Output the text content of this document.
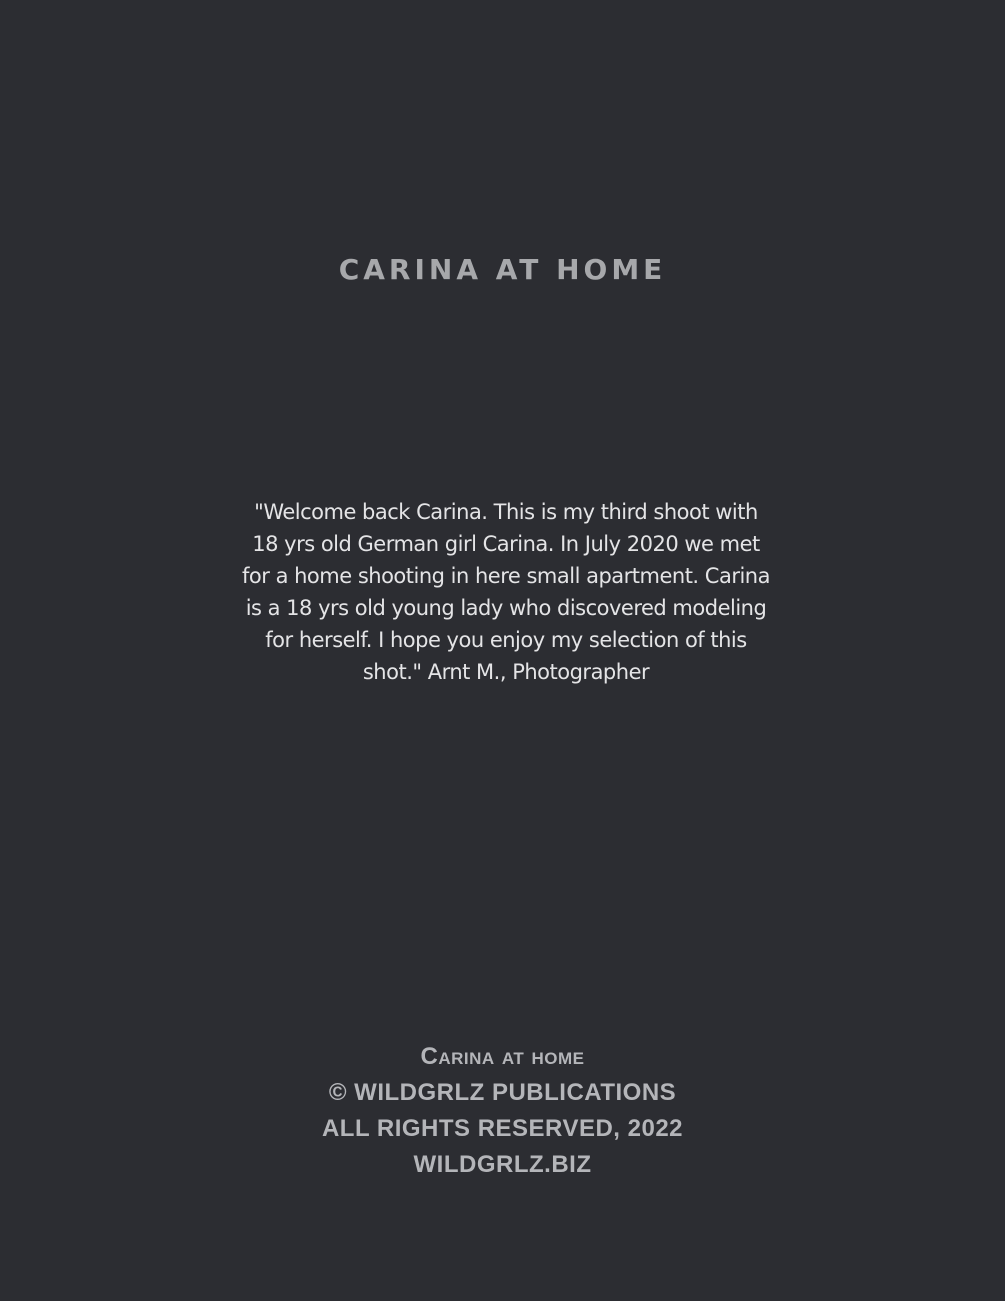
CARINA AT HOME
"Welcome back Carina. This is my third shoot with 18 yrs old German girl Carina. In July 2020 we met for a home shooting in here small apartment. Carina is a 18 yrs old young lady who discovered modeling for herself. I hope you enjoy my selection of this shot." Arnt M., Photographer
Carina at home
© WILDGRLZ PUBLICATIONS
ALL RIGHTS RESERVED, 2022
WILDGRLZ.BIZ
